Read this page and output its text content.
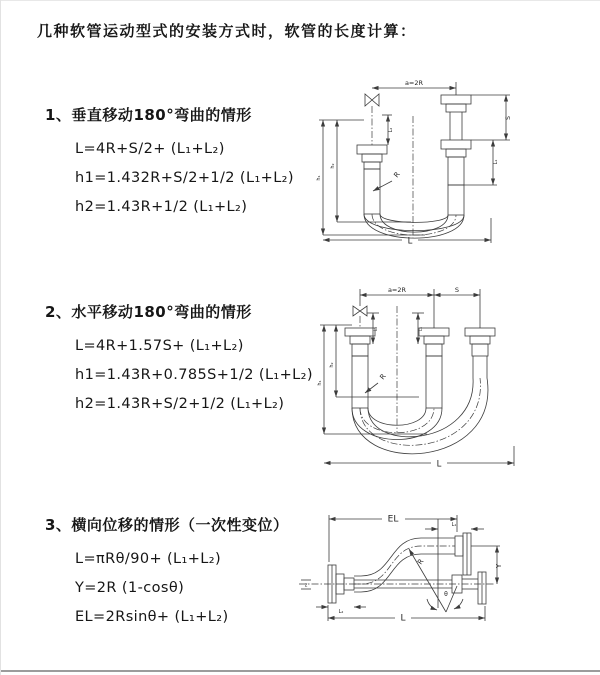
几种软管运动型式的安装方式时，软管的长度计算：
1、垂直移动180°弯曲的情形
L=4R+S/2+ (L₁+L₂)
h1=1.432R+S/2+1/2 (L₁+L₂)
h2=1.43R+1/2 (L₁+L₂)
2、水平移动180°弯曲的情形
L=4R+1.57S+ (L₁+L₂)
h1=1.43R+0.785S+1/2 (L₁+L₂)
h2=1.43R+S/2+1/2 (L₁+L₂)
3、横向位移的情形（一次性变位）
L=πRθ/90+ (L₁+L₂)
Y=2R (1-cosθ)
EL=2Rsinθ+ (L₁+L₂)
a=2R
S
L₁
L₂
h₁
h₂
R
L
a=2R	S
L₂	L₁
R
h₁
h₂
L
z
EL
L₁
θ
R	Y
L₂
L
